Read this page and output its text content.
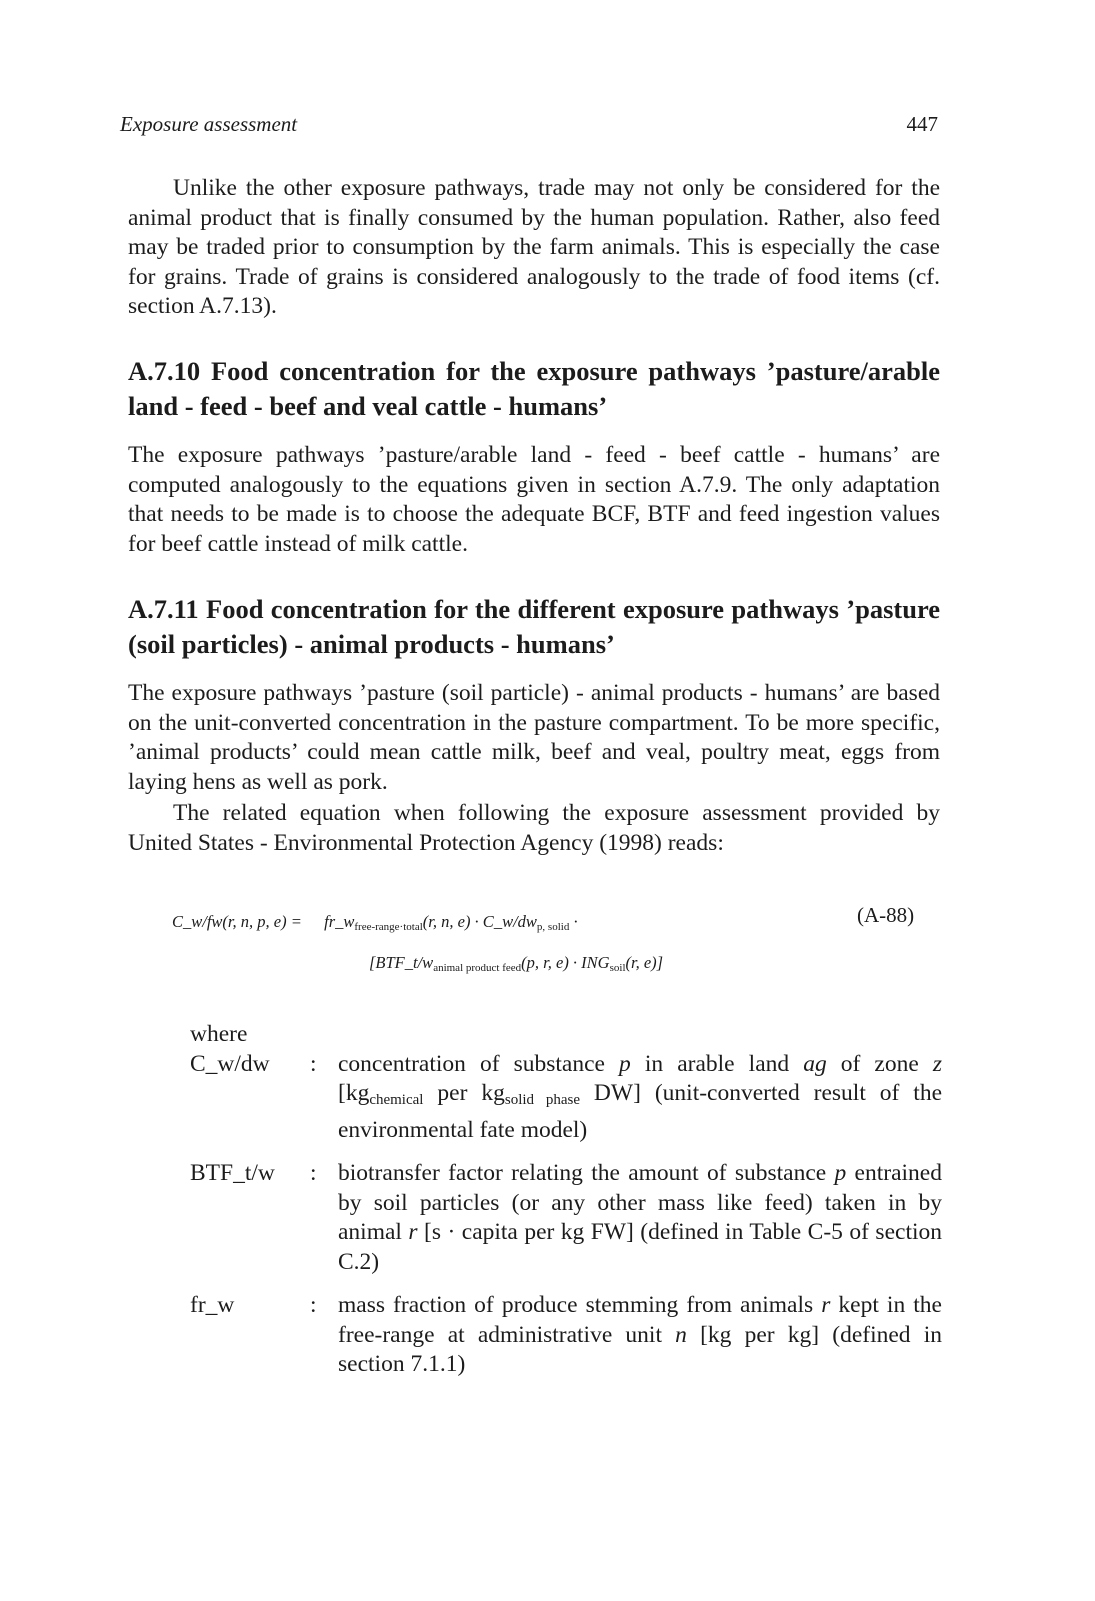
Exposure assessment	447
Unlike the other exposure pathways, trade may not only be considered for the animal product that is finally consumed by the human population. Rather, also feed may be traded prior to consumption by the farm animals. This is especially the case for grains. Trade of grains is considered analogously to the trade of food items (cf. section A.7.13).
A.7.10 Food concentration for the exposure pathways ’pasture/arable land - feed - beef and veal cattle - humans’
The exposure pathways ’pasture/arable land - feed - beef cattle - humans’ are computed analogously to the equations given in section A.7.9. The only adaptation that needs to be made is to choose the adequate BCF, BTF and feed ingestion values for beef cattle instead of milk cattle.
A.7.11 Food concentration for the different exposure pathways ’pasture (soil particles) - animal products - humans’
The exposure pathways ’pasture (soil particle) - animal products - humans’ are based on the unit-converted concentration in the pasture compartment. To be more specific, ’animal products’ could mean cattle milk, beef and veal, poultry meat, eggs from laying hens as well as pork.
The related equation when following the exposure assessment provided by United States - Environmental Protection Agency (1998) reads:
C_w/fw(r, n, p, $e) = fr\_w_{free-range\cdot total}(r$, n, $e) \cdot C\_w/dw_{p, solid}$ ·
[$BTF\_t/w_{animal product feed}(p$, r, $e) \cdot ING_{soil}(r$, e)]
(A-88)
where
C_w/dw	: concentration of substance p in arable land ag of zone z [$kg_{chemical}$ per $kg_{solid phase}$ DW] (unit-converted result of the environmental fate model)
BTF_t/w	: biotransfer factor relating the amount of substance p entrained by soil particles (or any other mass like feed) taken in by animal r [s · capita per kg FW] (defined in Table C-5 of section C.2)
fr_w	: mass fraction of produce stemming from animals r kept in the free-range at administrative unit n [kg per kg] (defined in section 7.1.1)
